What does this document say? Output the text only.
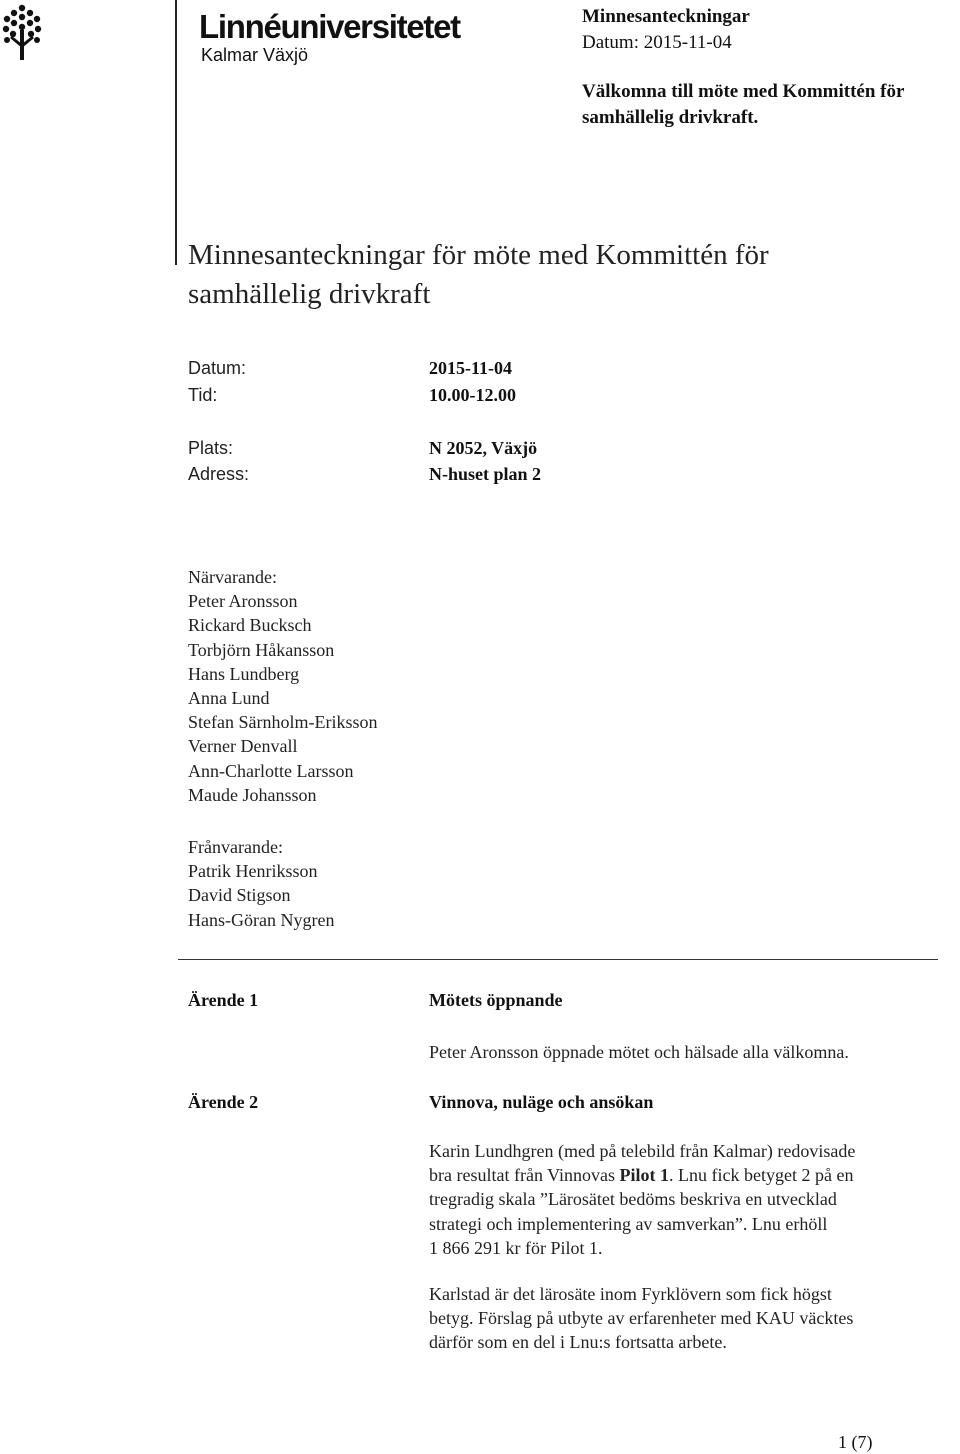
Linnéuniversitetet
Kalmar Växjö
Minnesanteckningar
Datum: 2015-11-04
Välkomna till möte med Kommittén för
samhällelig drivkraft.
Minnesanteckningar för möte med Kommittén för
samhällelig drivkraft
Datum:	2015-11-04
Tid:	10.00-12.00
Plats:	N 2052, Växjö
Adress:	N-huset plan 2
Närvarande:
Peter Aronsson
Rickard Bucksch
Torbjörn Håkansson
Hans Lundberg
Anna Lund
Stefan Särnholm-Eriksson
Verner Denvall
Ann-Charlotte Larsson
Maude Johansson
Frånvarande:
Patrik Henriksson
David Stigson
Hans-Göran Nygren
Ärende 1	Mötets öppnande
Peter Aronsson öppnade mötet och hälsade alla välkomna.
Ärende 2	Vinnova, nuläge och ansökan
Karin Lundhgren (med på telebild från Kalmar) redovisade
bra resultat från Vinnovas Pilot 1. Lnu fick betyget 2 på en
tregradig skala ”Lärosätet bedöms beskriva en utvecklad
strategi och implementering av samverkan”. Lnu erhöll
1 866 291 kr för Pilot 1.
Karlstad är det lärosäte inom Fyrklövern som fick högst
betyg. Förslag på utbyte av erfarenheter med KAU väcktes
därför som en del i Lnu:s fortsatta arbete.
1 (7)
